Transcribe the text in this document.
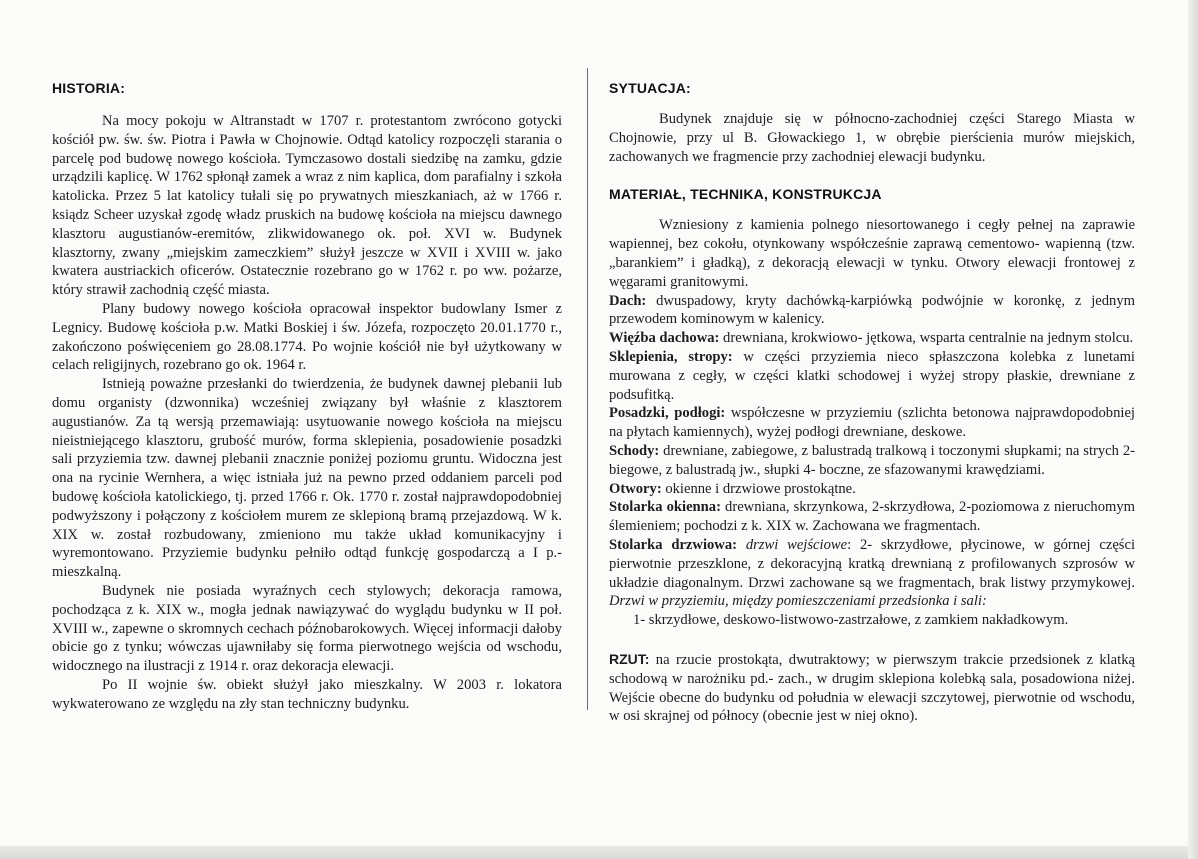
HISTORIA:

Na mocy pokoju w Altranstadt w 1707 r. protestantom zwrócono gotycki kościół pw. św. św. Piotra i Pawła w Chojnowie. Odtąd katolicy rozpoczęli starania o parcelę pod budowę nowego kościoła. Tymczasowo dostali siedzibę na zamku, gdzie urządzili kaplicę. W 1762 spłonął zamek a wraz z nim kaplica, dom parafialny i szkoła katolicka. Przez 5 lat katolicy tułali się po prywatnych mieszkaniach, aż w 1766 r. ksiądz Scheer uzyskał zgodę władz pruskich na budowę kościoła na miejscu dawnego klasztoru augustianów-eremitów, zlikwidowanego ok. poł. XVI w. Budynek klasztorny, zwany „miejskim zameczkiem” służył jeszcze w XVII i XVIII w. jako kwatera austriackich oficerów. Ostatecznie rozebrano go w 1762 r. po ww. pożarze, który strawił zachodnią część miasta.

Plany budowy nowego kościoła opracował inspektor budowlany Ismer z Legnicy. Budowę kościoła p.w. Matki Boskiej i św. Józefa, rozpoczęto 20.01.1770 r., zakończono poświęceniem go 28.08.1774. Po wojnie kościół nie był użytkowany w celach religijnych, rozebrano go ok. 1964 r.

Istnieją poważne przesłanki do twierdzenia, że budynek dawnej plebanii lub domu organisty (dzwonnika) wcześniej związany był właśnie z klasztorem augustianów. Za tą wersją przemawiają: usytuowanie nowego kościoła na miejscu nieistniejącego klasztoru, grubość murów, forma sklepienia, posadowienie posadzki sali przyziemia tzw. dawnej plebanii znacznie poniżej poziomu gruntu. Widoczna jest ona na rycinie Wernhera, a więc istniała już na pewno przed oddaniem parceli pod budowę kościoła katolickiego, tj. przed 1766 r. Ok. 1770 r. został najprawdopodobniej podwyższony i połączony z kościołem murem ze sklepioną bramą przejazdową. W k. XIX w. został rozbudowany, zmieniono mu także układ komunikacyjny i wyremontowano. Przyziemie budynku pełniło odtąd funkcję gospodarczą a I p.- mieszkalną.

Budynek nie posiada wyraźnych cech stylowych; dekoracja ramowa, pochodząca z k. XIX w., mogła jednak nawiązywać do wyglądu budynku w II poł. XVIII w., zapewne o skromnych cechach późnobarokowych. Więcej informacji dałoby obicie go z tynku; wówczas ujawniłaby się forma pierwotnego wejścia od wschodu, widocznego na ilustracji z 1914 r. oraz dekoracja elewacji.

Po II wojnie św. obiekt służył jako mieszkalny. W 2003 r. lokatora wykwaterowano ze względu na zły stan techniczny budynku.

SYTUACJA:

Budynek znajduje się w północno-zachodniej części Starego Miasta w Chojnowie, przy ul B. Głowackiego 1, w obrębie pierścienia murów miejskich, zachowanych we fragmencie przy zachodniej elewacji budynku.

MATERIAŁ, TECHNIKA, KONSTRUKCJA

Wzniesiony z kamienia polnego niesortowanego i cegły pełnej na zaprawie wapiennej, bez cokołu, otynkowany współcześnie zaprawą cementowo- wapienną (tzw. „barankiem” i gładką), z dekoracją elewacji w tynku. Otwory elewacji frontowej z węgarami granitowymi.

Dach: dwuspadowy, kryty dachówką-karpiówką podwójnie w koronkę, z jednym przewodem kominowym w kalenicy.

Więźba dachowa: drewniana, krokwiowo- jętkowa, wsparta centralnie na jednym stolcu.

Sklepienia, stropy: w części przyziemia nieco spłaszczona kolebka z lunetami murowana z cegły, w części klatki schodowej i wyżej stropy płaskie, drewniane z podsufitką.

Posadzki, podłogi: współczesne w przyziemiu (szlichta betonowa najprawdopodobniej na płytach kamiennych), wyżej podłogi drewniane, deskowe.

Schody: drewniane, zabiegowe, z balustradą tralkową i toczonymi słupkami; na strych 2- biegowe, z balustradą jw., słupki 4- boczne, ze sfazowanymi krawędziami.

Otwory: okienne i drzwiowe prostokątne.

Stolarka okienna: drewniana, skrzynkowa, 2-skrzydłowa, 2-poziomowa z nieruchomym ślemieniem; pochodzi z k. XIX w. Zachowana we fragmentach.

Stolarka drzwiowa: drzwi wejściowe: 2- skrzydłowe, płycinowe, w górnej części pierwotnie przeszklone, z dekoracyjną kratką drewnianą z profilowanych szprosów w układzie diagonalnym. Drzwi zachowane są we fragmentach, brak listwy przymykowej. Drzwi w przyziemiu, między pomieszczeniami przedsionka i sali:

1- skrzydłowe, deskowo-listwowo-zastrzałowe, z zamkiem nakładkowym.

RZUT: na rzucie prostokąta, dwutraktowy; w pierwszym trakcie przedsionek z klatką schodową w narożniku pd.- zach., w drugim sklepiona kolebką sala, posadowiona niżej. Wejście obecne do budynku od południa w elewacji szczytowej, pierwotnie od wschodu, w osi skrajnej od północy (obecnie jest w niej okno).
